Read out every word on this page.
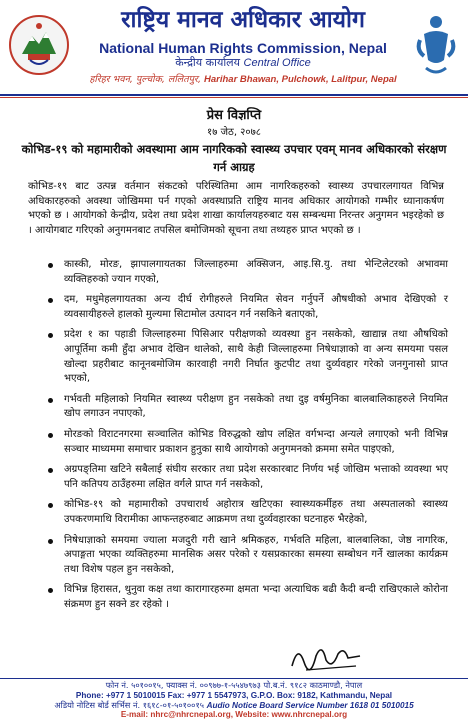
राष्ट्रिय मानव अधिकार आयोग
National Human Rights Commission, Nepal
केन्द्रीय कार्यालय Central Office
हरिहर भवन, पुल्चोक, ललितपुर, Harihar Bhawan, Pulchowk, Lalitpur, Nepal
प्रेस विज्ञप्ति
१७ जेठ, २०७८
कोभिड-१९ को महामारीको अवस्थामा आम नागरिकको स्वास्थ्य उपचार एवम् मानव अधिकारको संरक्षण गर्न आग्रह
कोभिड-१९ बाट उत्पन्न वर्तमान संकटको परिस्थितिमा आम नागरिकहरुको स्वास्थ्य उपचारलगायत विभिन्न अधिकारहरुको अवस्था जोखिममा पर्न गएको अवस्थाप्रति राष्ट्रिय मानव अधिकार आयोगको गम्भीर ध्यानाकर्षण भएको छ । आयोगको केन्द्रीय, प्रदेश तथा प्रदेश शाखा कार्यालयहरुबाट यस सम्बन्धमा निरन्तर अनुगमन भइरहेको छ । आयोगबाट गरिएको अनुगमनबाट तपसिल बमोजिमको सूचना तथा तथ्यहरु प्राप्त भएको छ ।
कास्की, मोरङ, झापालगायतका जिल्लाहरुमा अक्सिजन, आइ.सि.यु. तथा भेन्टिलेटरको अभावमा व्यक्तिहरुको ज्यान गएको,
दम, मधुमेहलगायतका अन्य दीर्घ रोगीहरुले नियमित सेवन गर्नुपर्ने औषधीको अभाव देखिएको र व्यवसायीहरुले हालको मुल्यमा सिटामोल उत्पादन गर्न नसकिने बताएको,
प्रदेश १ का पहाडी जिल्लाहरुमा पिसिआर परीक्षणको व्यवस्था हुन नसकेको, खाद्यान्न तथा औषधिको आपूर्तिमा कमी हुँदा अभाव देखिन थालेको, साथै केही जिल्लाहरुमा निषेधाज्ञाको वा अन्य समयमा पसल खोल्दा प्रहरीबाट कानूनबमोजिम कारवाही नगरी निर्घात कुटपीट तथा दुर्व्यवहार गरेको जनगुनासो प्राप्त भएको,
गर्भवती महिलाको नियमित स्वास्थ्य परीक्षण हुन नसकेको तथा दुइ वर्षमुनिका बालबालिकाहरुले नियमित खोप लगाउन नपाएको,
मोरङको विराटनगरमा सञ्चालित कोभिड विरुद्धको खोप लक्षित वर्गभन्दा अन्यले लगाएको भनी विभिन्न सञ्चार माध्यममा समाचार प्रकाशन हुनुका साथै आयोगको अनुगमनको क्रममा समेत पाइएको,
अग्रपङ्तिमा खटिने सबैलाई संघीय सरकार तथा प्रदेश सरकारबाट निर्णय भई जोखिम भत्ताको व्यवस्था भए पनि कतिपय ठाउँहरुमा लक्षित वर्गले प्राप्त गर्न नसकेको,
कोभिड-१९ को महामारीको उपचारार्थ अहोरात्र खटिएका स्वास्थ्यकर्मीहरु तथा अस्पतालको स्वास्थ्य उपकरणमाथि विरामीका आफन्तहरुबाट आक्रमण तथा दुर्व्यवहारका घटनाहरु भैरहेको,
निषेधाज्ञाको समयमा ज्याला मजदुरी गरी खाने श्रमिकहरु, गर्भवति महिला, बालबालिका, जेष्ठ नागरिक, अपाङ्गता भएका व्यक्तिहरुमा मानसिक असर परेको र यसप्रकारका समस्या सम्बोधन गर्ने खालका कार्यक्रम तथा विशेष पहल हुन नसकेको,
विभिन्न हिरासत, थुनुवा कक्ष तथा कारागारहरुमा क्षमता भन्दा अत्याधिक बढी कैदी बन्दी राखिएकाले कोरोना संक्रमण हुन सक्ने डर रहेको ।
फोन नं. ५०१००१५, फ्याक्स नं. ००९७७-१-५५४७९७३ पो.ब.नं. ९१८२ काठमाण्डौ, नेपाल
Phone: +977 1 5010015 Fax: +977 1 5547973, G.P.O. Box: 9182, Kathmandu, Nepal
अडियो नोटिस बोर्ड सर्भिस नं. १६१८-०१-५०१००१५ Audio Notice Board Service Number 1618 01 5010015
E-mail: nhrc@nhrcnepal.org, Website: www.nhrcnepal.org
